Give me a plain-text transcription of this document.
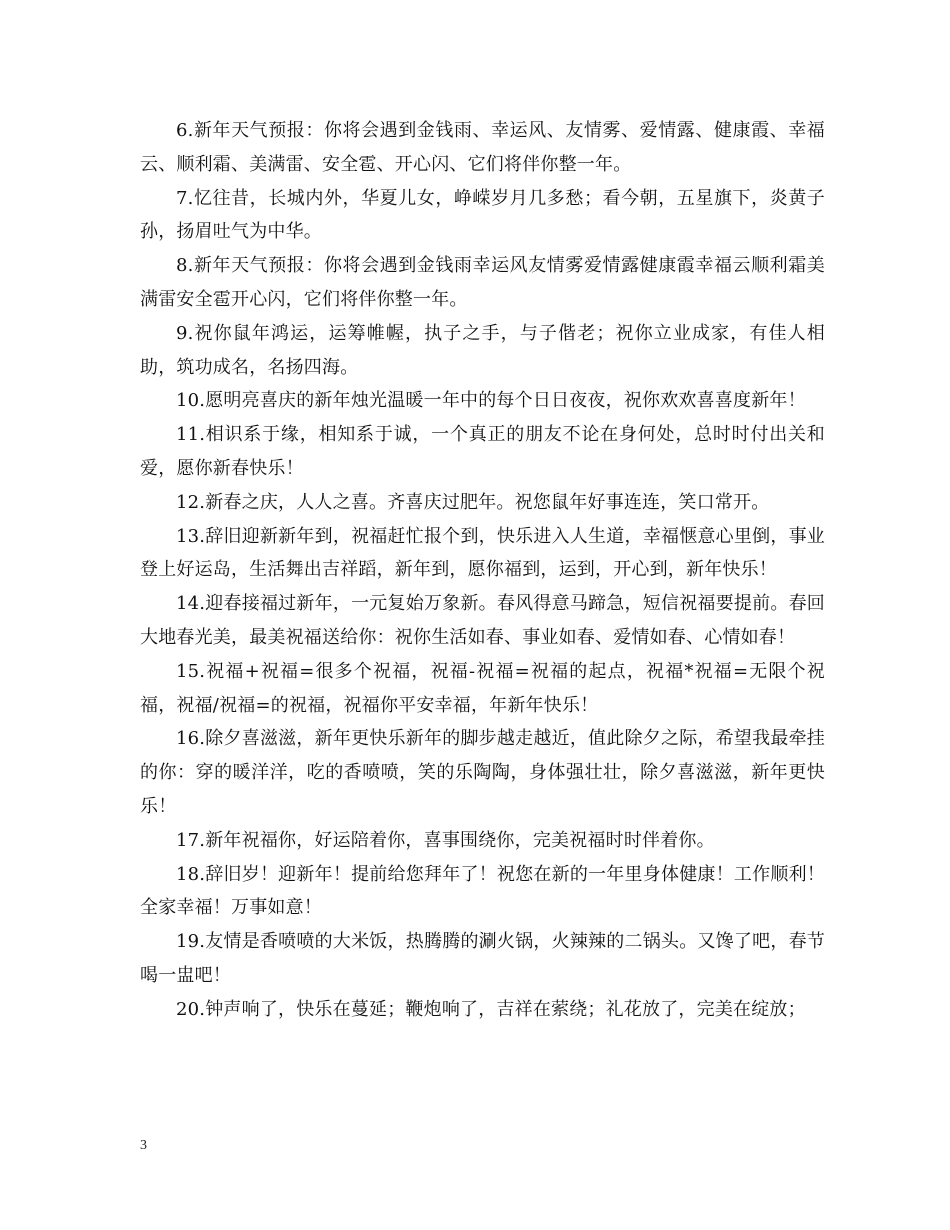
6.新年天气预报：你将会遇到金钱雨、幸运风、友情雾、爱情露、健康霞、幸福云、顺利霜、美满雷、安全雹、开心闪、它们将伴你整一年。

7.忆往昔，长城内外，华夏儿女，峥嵘岁月几多愁；看今朝，五星旗下，炎黄子孙，扬眉吐气为中华。

8.新年天气预报：你将会遇到金钱雨幸运风友情雾爱情露健康霞幸福云顺利霜美满雷安全雹开心闪，它们将伴你整一年。

9.祝你鼠年鸿运，运筹帷幄，执子之手，与子偕老；祝你立业成家，有佳人相助，筑功成名，名扬四海。

10.愿明亮喜庆的新年烛光温暖一年中的每个日日夜夜，祝你欢欢喜喜度新年！

11.相识系于缘，相知系于诚，一个真正的朋友不论在身何处，总时时付出关和爱，愿你新春快乐！

12.新春之庆，人人之喜。齐喜庆过肥年。祝您鼠年好事连连，笑口常开。

13.辞旧迎新新年到，祝福赶忙报个到，快乐进入人生道，幸福惬意心里倒，事业登上好运岛，生活舞出吉祥蹈，新年到，愿你福到，运到，开心到，新年快乐！

14.迎春接福过新年，一元复始万象新。春风得意马蹄急，短信祝福要提前。春回大地春光美，最美祝福送给你：祝你生活如春、事业如春、爱情如春、心情如春！

15.祝福+祝福=很多个祝福，祝福-祝福=祝福的起点，祝福*祝福=无限个祝福，祝福/祝福=的祝福，祝福你平安幸福，年新年快乐！

16.除夕喜滋滋，新年更快乐新年的脚步越走越近，值此除夕之际，希望我最牵挂的你：穿的暖洋洋，吃的香喷喷，笑的乐陶陶，身体强壮壮，除夕喜滋滋，新年更快乐！

17.新年祝福你，好运陪着你，喜事围绕你，完美祝福时时伴着你。

18.辞旧岁！迎新年！提前给您拜年了！祝您在新的一年里身体健康！工作顺利！全家幸福！万事如意！

19.友情是香喷喷的大米饭，热腾腾的涮火锅，火辣辣的二锅头。又馋了吧，春节喝一盅吧！

20.钟声响了，快乐在蔓延；鞭炮响了，吉祥在萦绕；礼花放了，完美在绽放；

3
